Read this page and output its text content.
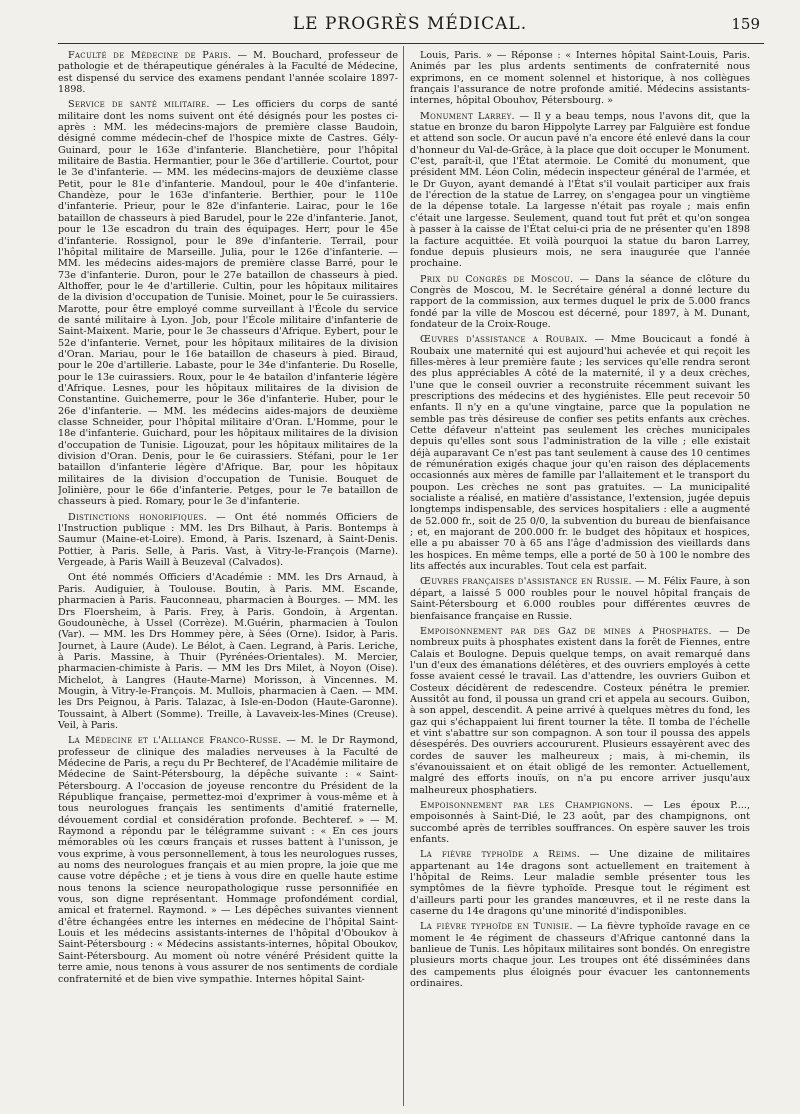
LE PROGRÈS MÉDICAL.	159

Faculté de Médecine de Paris. — M. Bouchard, professeur de pathologie et de thérapeutique générales à la Faculté de Médecine, est dispensé du service des examens pendant l'année scolaire 1897-1898.

Service de santé militaire. — Les officiers du corps de santé militaire dont les noms suivent ont été désignés pour les postes ci-après : MM. les médecins-majors de première classe Baudoin, désigné comme médecin-chef de l'hospice mixte de Castres. Gély-Guinard, pour le 163e d'infanterie. Blanchetière, pour l'hôpital militaire de Bastia. Hermantier, pour le 36e d'artillerie. Courtot, pour le 3e d'infanterie. — MM. les médecins-majors de deuxième classe Petit, pour le 81e d'infanterie. Mandoul, pour le 40e d'infanterie. Chandèze, pour le 163e d'infanterie. Berthier, pour le 110e d'infanterie. Prieur, pour le 82e d'infanterie. Lairac, pour le 16e bataillon de chasseurs à pied Barudel, pour le 22e d'infanterie. Janot, pour le 13e escadron du train des équipages. Herr, pour le 45e d'infanterie. Rossignol, pour le 89e d'infanterie. Terrail, pour l'hôpital militaire de Marseille. Julia, pour le 126e d'infanterie. — MM. les médecins aides-majors de première classe Barré, pour le 73e d'infanterie. Duron, pour le 27e bataillon de chasseurs à pied. Althoffer, pour le 4e d'artillerie. Cultin, pour les hôpitaux militaires de la division d'occupation de Tunisie. Moinet, pour le 5e cuirassiers. Marotte, pour être employé comme surveillant à l'École du service de santé militaire à Lyon. Job, pour l'École militaire d'infanterie de Saint-Maixent. Marie, pour le 3e chasseurs d'Afrique. Eybert, pour le 52e d'infanterie. Vernet, pour les hôpitaux militaires de la division d'Oran. Mariau, pour le 16e bataillon de chaseurs à pied. Biraud, pour le 20e d'artillerie. Labaste, pour le 34e d'infanterie. Du Roselle, pour le 13e cuirassiers. Roux, pour le 4e batailon d'infanterie légère d'Afrique. Lesnes, pour les hôpitaux militaires de la division de Constantine. Guichemerre, pour le 36e d'infanterie. Huber, pour le 26e d'infanterie. — MM. les médecins aides-majors de deuxième classe Schneider, pour l'hôpital militaire d'Oran. L'Homme, pour le 18e d'infanterie. Guichard, pour les hôpitaux militaires de la division d'occupation de Tunisie. Ligouzat, pour les hôpitaux militaires de la division d'Oran. Denis, pour le 6e cuirassiers. Stéfani, pour le 1er bataillon d'infanterie légère d'Afrique. Bar, pour les hôpitaux militaires de la division d'occupation de Tunisie. Bouquet de Jolinière, pour le 66e d'infanterie. Petges, pour le 7e bataillon de chasseurs à pied. Romary, pour le 3e d'infanterie.

Distinctions honorifiques. — Ont été nommés Officiers de l'Instruction publique : MM. les Drs Bilhaut, à Paris. Bontemps à Saumur (Maine-et-Loire). Emond, à Paris. Iszenard, à Saint-Denis. Pottier, à Paris. Selle, à Paris. Vast, à Vitry-le-François (Marne). Vergeade, à Paris Waill à Beuzeval (Calvados).

Ont été nommés Officiers d'Académie : MM. les Drs Arnaud, à Paris. Audiguier, à Toulouse. Boutin, à Paris. MM. Escande, pharmacien à Paris. Fauconneau, pharmacien à Bourges. — MM. les Drs Floersheim, à Paris. Frey, à Paris. Gondoin, à Argentan. Goudounèche, à Ussel (Corrèze). M.Guérin, pharmacien à Toulon (Var). — MM. les Drs Hommey père, à Sées (Orne). Isidor, à Paris. Journet, à Laure (Aude). Le Bélot, à Caen. Legrand, à Paris. Leriche, à Paris. Massine, à Thuir (Pyrénées-Orientales). M. Mercier, pharmacien-chimiste à Paris. — MM les Drs Milet, à Noyon (Oise). Michelot, à Langres (Haute-Marne) Morisson, à Vincennes. M. Mougin, à Vitry-le-François. M. Mullois, pharmacien à Caen. — MM. les Drs Peignou, à Paris. Talazac, à Isle-en-Dodon (Haute-Garonne). Toussaint, à Albert (Somme). Treille, à Lavaveix-les-Mines (Creuse). Veil, à Paris.

La Médecine et l'Alliance Franco-Russe. — M. le Dr Raymond, professeur de clinique des maladies nerveuses à la Faculté de Médecine de Paris, a reçu du Pr Bechteref, de l'Académie militaire de Médecine de Saint-Pétersbourg, la dépêche suivante : « Saint-Pétersbourg. A l'occasion de joyeuse rencontre du Président de la République française, permettez-moi d'exprimer à vous-même et à tous neurologues français les sentiments d'amitié fraternelle, dévouement cordial et considération profonde. Bechteref. » — M. Raymond a répondu par le télégramme suivant : « En ces jours mémorables où les cœurs français et russes battent à l'unisson, je vous exprime, à vous personnellement, à tous les neurologues russes, au noms des neurologues français et au mien propre, la joie que me cause votre dépêche ; et je tiens à vous dire en quelle haute estime nous tenons la science neuropathologique russe personnifiée en vous, son digne représentant. Hommage profondément cordial, amical et fraternel. Raymond. » — Les dépêches suivantes viennent d'être échangées entre les internes en médecine de l'hôpital Saint-Louis et les médecins assistants-internes de l'hôpital d'Oboukov à Saint-Pétersbourg : « Médecins assistants-internes, hôpital Oboukov, Saint-Pétersbourg. Au moment où notre vénéré Président quitte la terre amie, nous tenons à vous assurer de nos sentiments de cordiale confraternité et de bien vive sympathie. Internes hôpital Saint-

Louis, Paris. » — Réponse : « Internes hôpital Saint-Louis, Paris. Animés par les plus ardents sentiments de confraternité nous exprimons, en ce moment solennel et historique, à nos collègues français l'assurance de notre profonde amitié. Médecins assistants-internes, hôpital Obouhov, Pétersbourg. »

Monument Larrey. — Il y a beau temps, nous l'avons dit, que la statue en bronze du baron Hippolyte Larrey par Falguière est fondue et attend son socle. Or aucun pavé n'a encore été enlevé dans la cour d'honneur du Val-de-Grâce, à la place que doit occuper le Monument. C'est, paraît-il, que l'État atermoie. Le Comité du monument, que président MM. Léon Colin, médecin inspecteur général de l'armée, et le Dr Guyon, ayant demandé à l'État s'il voulait participer aux frais de l'érection de la statue de Larrey, on s'engagea pour un vingtième de la dépense totale. La largesse n'était pas royale ; mais enfin c'était une largesse. Seulement, quand tout fut prêt et qu'on songea à passer à la caisse de l'État celui-ci pria de ne présenter qu'en 1898 la facture acquittée. Et voilà pourquoi la statue du baron Larrey, fondue depuis plusieurs mois, ne sera inaugurée que l'année prochaine.

Prix du Congrès de Moscou. — Dans la séance de clôture du Congrès de Moscou, M. le Secrétaire général a donné lecture du rapport de la commission, aux termes duquel le prix de 5.000 francs fondé par la ville de Moscou est décerné, pour 1897, à M. Dunant, fondateur de la Croix-Rouge.

Œuvres d'assistance a Roubaix. — Mme Boucicaut a fondé à Roubaix une maternité qui est aujourd'hui achevée et qui reçoit les filles-mères à leur première faute ; les services qu'elle rendra seront des plus appréciables A côté de la maternité, il y a deux crèches, l'une que le conseil ouvrier a reconstruite récemment suivant les prescriptions des médecins et des hygiénistes. Elle peut recevoir 50 enfants. Il n'y en a qu'une vingtaine, parce que la population ne semble pas très désireuse de confier ses petits enfants aux crèches. Cette défaveur n'atteint pas seulement les crèches municipales depuis qu'elles sont sous l'administration de la ville ; elle existait déjà auparavant Ce n'est pas tant seulement à cause des 10 centimes de rémunération exigés chaque jour qu'en raison des déplacements occasionnés aux mères de famille par l'allaitement et le transport du poupon. Les crèches ne sont pas gratuites. — La municipalité socialiste a réalisé, en matière d'assistance, l'extension, jugée depuis longtemps indispensable, des services hospitaliers : elle a augmenté de 52.000 fr., soit de 25 0/0, la subvention du bureau de bienfaisance ; et, en majorant de 200.000 fr. le budget des hôpitaux et hospices, elle a pu abaisser 70 à 65 ans l'âge d'admission des vieillards dans les hospices. En même temps, elle a porté de 50 à 100 le nombre des lits affectés aux incurables. Tout cela est parfait.

Œuvres françaises d'assistance en Russie. — M. Félix Faure, à son départ, a laissé 5 000 roubles pour le nouvel hôpital français de Saint-Pétersbourg et 6.000 roubles pour différentes œuvres de bienfaisance française en Russie.

Empoisonnement par des Gaz de mines a Phosphates. — De nombreux puits à phosphates existent dans la forêt de Fiennes, entre Calais et Boulogne. Depuis quelque temps, on avait remarqué dans l'un d'eux des émanations délétères, et des ouvriers employés à cette fosse avaient cessé le travail. Las d'attendre, les ouvriers Guibon et Costeux décidèrent de redescendre. Costeux pénétra le premier. Aussitôt au fond, il poussa un grand cri et appela au secours. Guibon, à son appel, descendit. A peine arrivé à quelques mètres du fond, les gaz qui s'échappaient lui firent tourner la tête. Il tomba de l'échelle et vint s'abattre sur son compagnon. A son tour il poussa des appels désespérés. Des ouvriers accoururent. Plusieurs essayèrent avec des cordes de sauver les malheureux ; mais, à mi-chemin, ils s'évanouissaient et on était obligé de les remonter. Actuellement, malgré des efforts inouïs, on n'a pu encore arriver jusqu'aux malheureux phosphatiers.

Empoisonnement par les Champignons. — Les époux P...., empoisonnés à Saint-Dié, le 23 août, par des champignons, ont succombé après de terribles souffrances. On espère sauver les trois enfants.

La fièvre typhoïde a Reims. — Une dizaine de militaires appartenant au 14e dragons sont actuellement en traitement à l'hôpital de Reims. Leur maladie semble présenter tous les symptômes de la fièvre typhoïde. Presque tout le régiment est d'ailleurs parti pour les grandes manœuvres, et il ne reste dans la caserne du 14e dragons qu'une minorité d'indisponibles.

La fièvre typhoïde en Tunisie. — La fièvre typhoïde ravage en ce moment le 4e régiment de chasseurs d'Afrique cantonné dans la banlieue de Tunis. Les hôpitaux militaires sont bondés. On enregistre plusieurs morts chaque jour. Les troupes ont été disséminées dans des campements plus éloignés pour évacuer les cantonnements ordinaires.
